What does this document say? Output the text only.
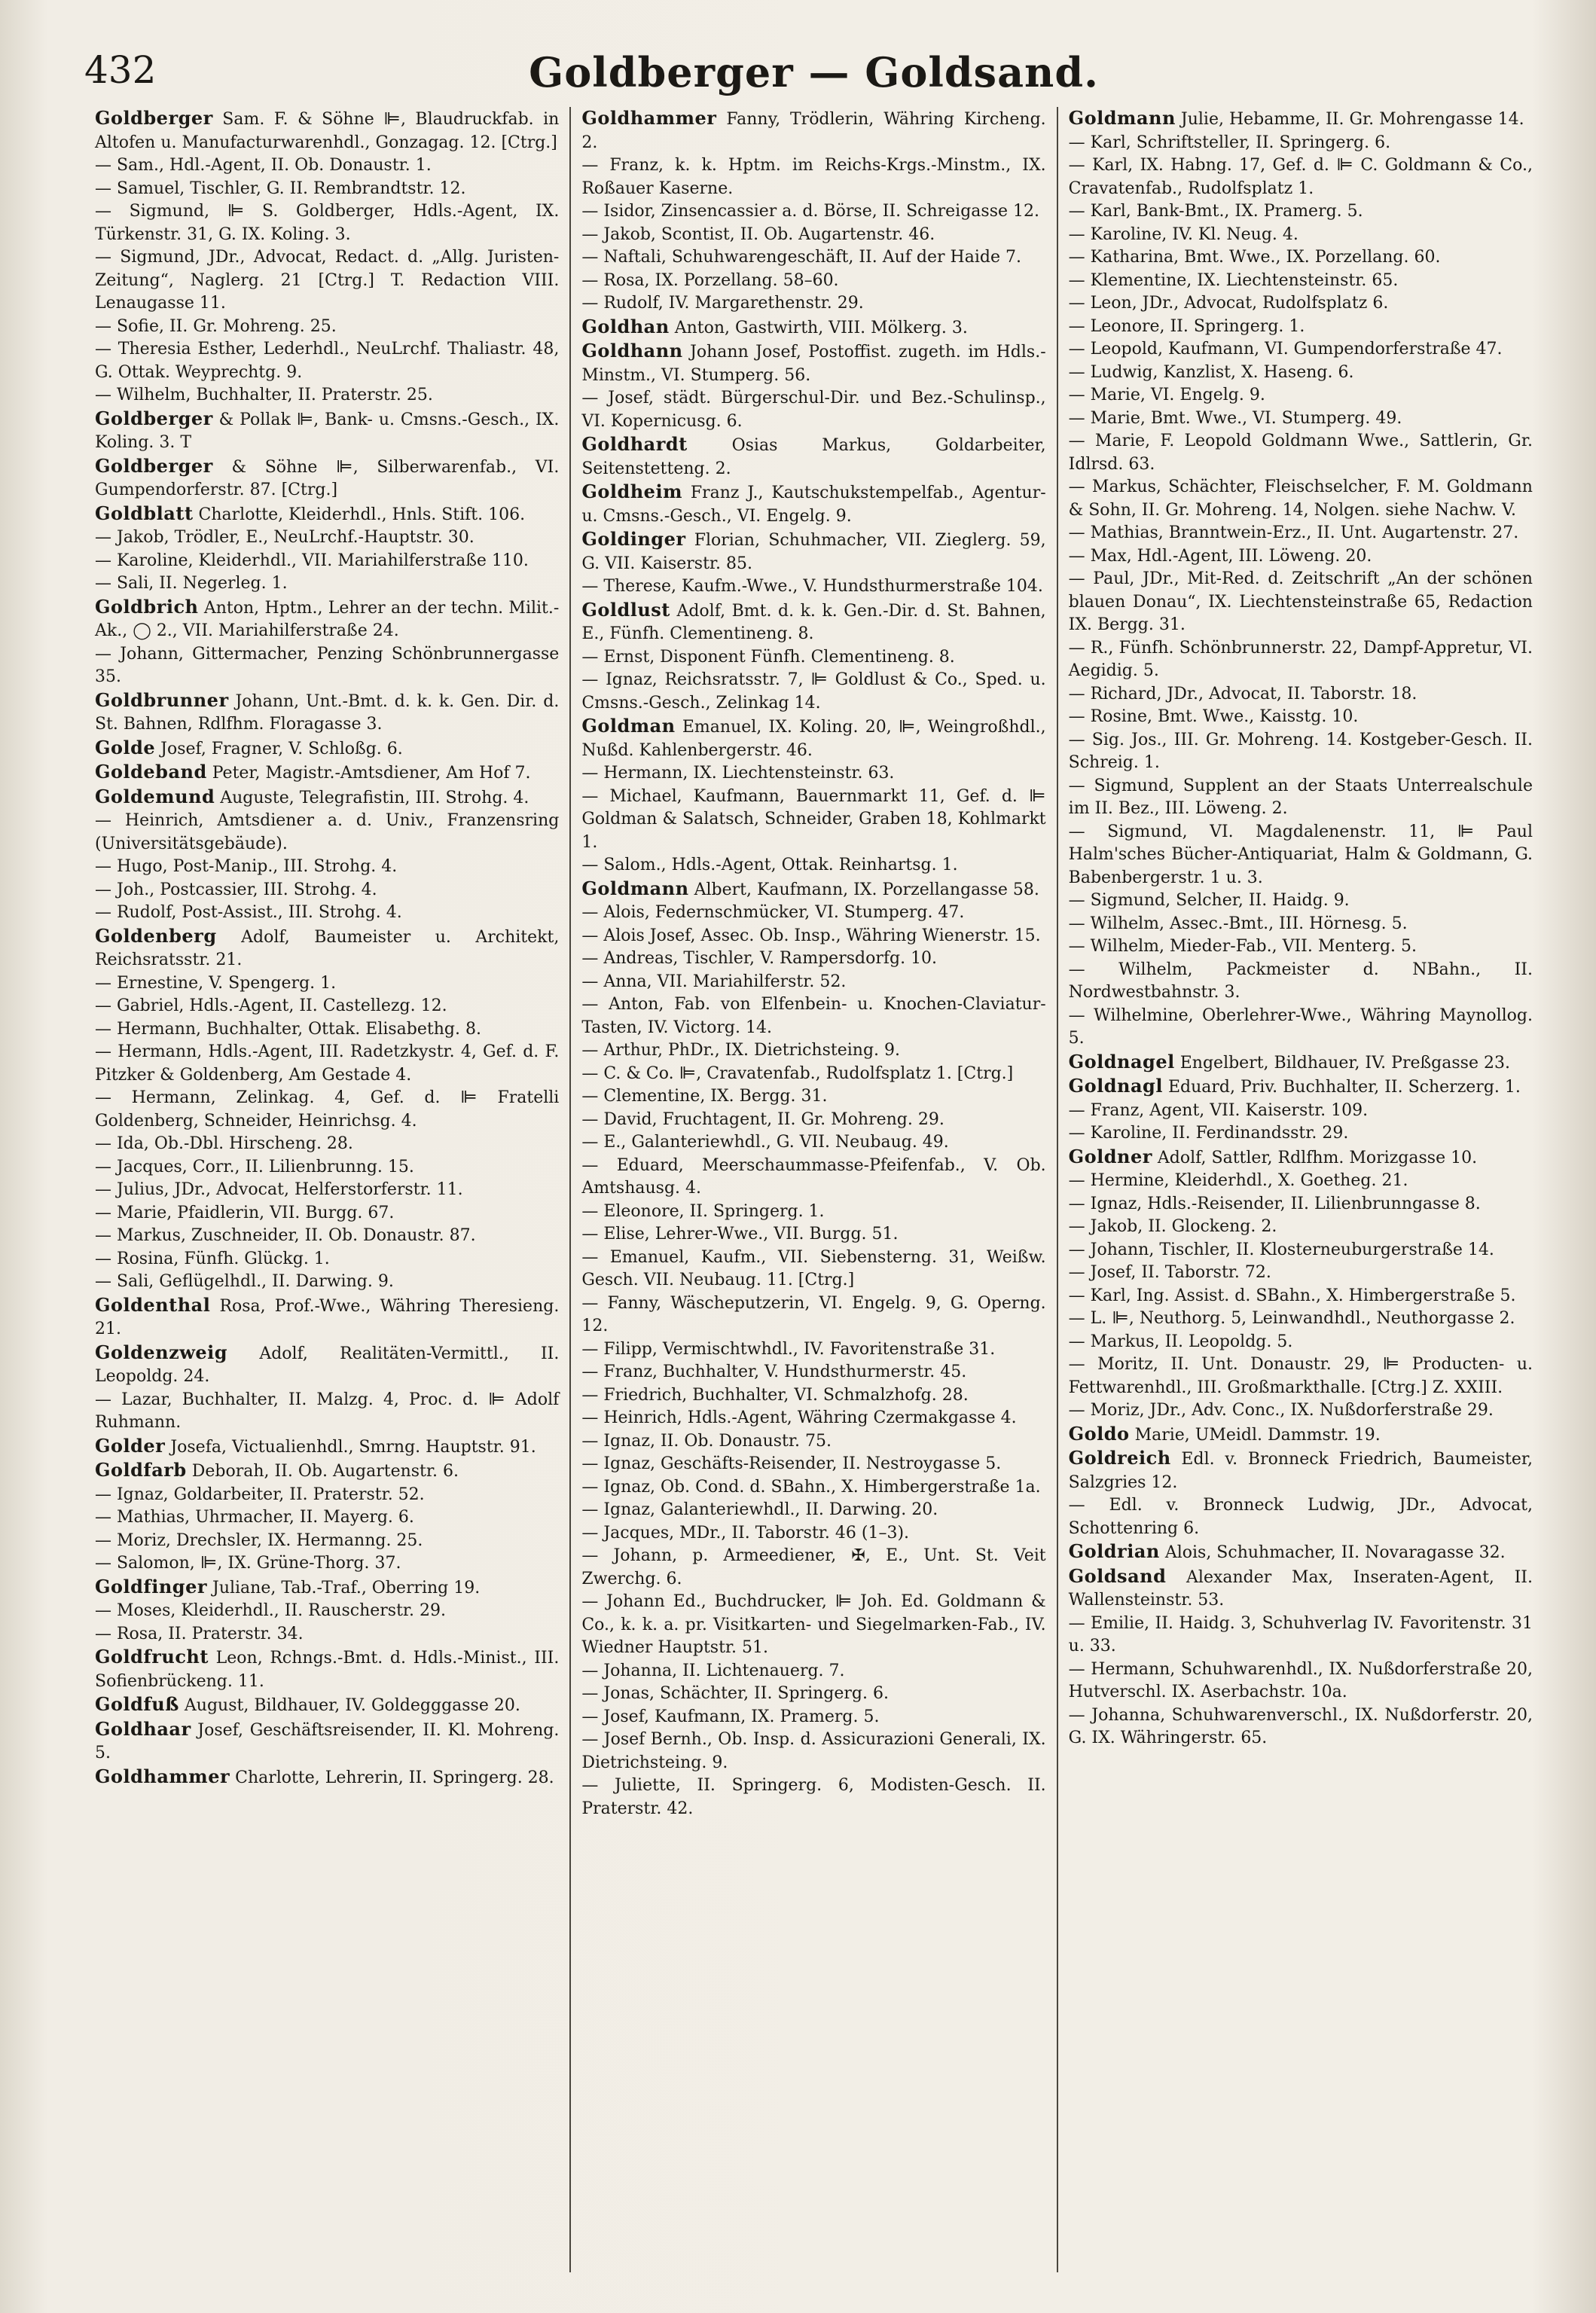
432	Goldberger — Goldsand.

Goldberger Sam. F. & Söhne ⊫, Blaudruckfab. in Altofen u. Manufacturwarenhdl., Gonzagag. 12. [Ctrg.]

— Sam., Hdl.-Agent, II. Ob. Donaustr. 1.

— Samuel, Tischler, G. II. Rembrandtstr. 12.

— Sigmund, ⊫ S. Goldberger, Hdls.-Agent, IX. Türkenstr. 31, G. IX. Koling. 3.

— Sigmund, JDr., Advocat, Redact. d. „Allg. Juristen-Zeitung“, Naglerg. 21 [Ctrg.] T. Redaction VIII. Lenaugasse 11.

— Sofie, II. Gr. Mohreng. 25.

— Theresia Esther, Lederhdl., NeuLrchf. Thaliastr. 48, G. Ottak. Weyprechtg. 9.

— Wilhelm, Buchhalter, II. Praterstr. 25.

Goldberger & Pollak ⊫, Bank- u. Cmsns.-Gesch., IX. Koling. 3. T

Goldberger & Söhne ⊫, Silberwarenfab., VI. Gumpendorferstr. 87. [Ctrg.]

Goldblatt Charlotte, Kleiderhdl., Hnls. Stift. 106.

— Jakob, Trödler, E., NeuLrchf.-Hauptstr. 30.

— Karoline, Kleiderhdl., VII. Mariahilferstraße 110.

— Sali, II. Negerleg. 1.

Goldbrich Anton, Hptm., Lehrer an der techn. Milit.-Ak., ◯ 2., VII. Mariahilferstraße 24.

— Johann, Gittermacher, Penzing Schönbrunnergasse 35.

Goldbrunner Johann, Unt.-Bmt. d. k. k. Gen. Dir. d. St. Bahnen, Rdlfhm. Floragasse 3.

Golde Josef, Fragner, V. Schloßg. 6.

Goldeband Peter, Magistr.-Amtsdiener, Am Hof 7.

Goldemund Auguste, Telegrafistin, III. Strohg. 4.

— Heinrich, Amtsdiener a. d. Univ., Franzensring (Universitätsgebäude).

— Hugo, Post-Manip., III. Strohg. 4.

— Joh., Postcassier, III. Strohg. 4.

— Rudolf, Post-Assist., III. Strohg. 4.

Goldenberg Adolf, Baumeister u. Architekt, Reichsratsstr. 21.

— Ernestine, V. Spengerg. 1.

— Gabriel, Hdls.-Agent, II. Castellezg. 12.

— Hermann, Buchhalter, Ottak. Elisabethg. 8.

— Hermann, Hdls.-Agent, III. Radetzkystr. 4, Gef. d. F. Pitzker & Goldenberg, Am Gestade 4.

— Hermann, Zelinkag. 4, Gef. d. ⊫ Fratelli Goldenberg, Schneider, Heinrichsg. 4.

— Ida, Ob.-Dbl. Hirscheng. 28.

— Jacques, Corr., II. Lilienbrunng. 15.

— Julius, JDr., Advocat, Helferstorferstr. 11.

— Marie, Pfaidlerin, VII. Burgg. 67.

— Markus, Zuschneider, II. Ob. Donaustr. 87.

— Rosina, Fünfh. Glückg. 1.

— Sali, Geflügelhdl., II. Darwing. 9.

Goldenthal Rosa, Prof.-Wwe., Währing Theresieng. 21.

Goldenzweig Adolf, Realitäten-Vermittl., II. Leopoldg. 24.

— Lazar, Buchhalter, II. Malzg. 4, Proc. d. ⊫ Adolf Ruhmann.

Golder Josefa, Victualienhdl., Smrng. Hauptstr. 91.

Goldfarb Deborah, II. Ob. Augartenstr. 6.

— Ignaz, Goldarbeiter, II. Praterstr. 52.

— Mathias, Uhrmacher, II. Mayerg. 6.

— Moriz, Drechsler, IX. Hermanng. 25.

— Salomon, ⊫, IX. Grüne-Thorg. 37.

Goldfinger Juliane, Tab.-Traf., Oberring 19.

— Moses, Kleiderhdl., II. Rauscherstr. 29.

— Rosa, II. Praterstr. 34.

Goldfrucht Leon, Rchngs.-Bmt. d. Hdls.-Minist., III. Sofienbrückeng. 11.

Goldfuß August, Bildhauer, IV. Goldegggasse 20.

Goldhaar Josef, Geschäftsreisender, II. Kl. Mohreng. 5.

Goldhammer Charlotte, Lehrerin, II. Springerg. 28.

Goldhammer Fanny, Trödlerin, Währing Kircheng. 2.

— Franz, k. k. Hptm. im Reichs-Krgs.-Minstm., IX. Roßauer Kaserne.

— Isidor, Zinsencassier a. d. Börse, II. Schreigasse 12.

— Jakob, Scontist, II. Ob. Augartenstr. 46.

— Naftali, Schuhwarengeschäft, II. Auf der Haide 7.

— Rosa, IX. Porzellang. 58–60.

— Rudolf, IV. Margarethenstr. 29.

Goldhan Anton, Gastwirth, VIII. Mölkerg. 3.

Goldhann Johann Josef, Postoffist. zugeth. im Hdls.-Minstm., VI. Stumperg. 56.

— Josef, städt. Bürgerschul-Dir. und Bez.-Schulinsp., VI. Kopernicusg. 6.

Goldhardt	Osias Markus, Goldarbeiter, Seitenstetteng. 2.

Goldheim Franz J., Kautschukstempelfab., Agentur- u. Cmsns.-Gesch., VI. Engelg. 9.

Goldinger Florian, Schuhmacher, VII. Zieglerg. 59, G. VII. Kaiserstr. 85.

— Therese, Kaufm.-Wwe., V. Hundsthurmerstraße 104.

Goldlust Adolf, Bmt. d. k. k. Gen.-Dir. d. St. Bahnen, E., Fünfh. Clementineng. 8.

— Ernst, Disponent Fünfh. Clementineng. 8.

— Ignaz, Reichsratsstr. 7, ⊫ Goldlust & Co., Sped. u. Cmsns.-Gesch., Zelinkag 14.

Goldman Emanuel, IX. Koling. 20, ⊫, Weingroßhdl., Nußd. Kahlenbergerstr. 46.

— Hermann, IX. Liechtensteinstr. 63.

— Michael, Kaufmann, Bauernmarkt 11, Gef. d. ⊫ Goldman & Salatsch, Schneider, Graben 18, Kohlmarkt 1.

— Salom., Hdls.-Agent, Ottak. Reinhartsg. 1.

Goldmann Albert, Kaufmann, IX. Porzellangasse 58.

— Alois, Federnschmücker, VI. Stumperg. 47.

— Alois Josef, Assec. Ob. Insp., Währing Wienerstr. 15.

— Andreas, Tischler, V. Rampersdorfg. 10.

— Anna, VII. Mariahilferstr. 52.

— Anton, Fab. von Elfenbein- u. Knochen-Claviatur-Tasten, IV. Victorg. 14.

— Arthur, PhDr., IX. Dietrichsteing. 9.

— C. & Co. ⊫, Cravatenfab., Rudolfsplatz 1. [Ctrg.]

— Clementine, IX. Bergg. 31.

— David, Fruchtagent, II. Gr. Mohreng. 29.

— E., Galanteriewhdl., G. VII. Neubaug. 49.

— Eduard, Meerschaummasse-Pfeifenfab., V. Ob. Amtshausg. 4.

— Eleonore, II. Springerg. 1.

— Elise, Lehrer-Wwe., VII. Burgg. 51.

— Emanuel, Kaufm., VII. Siebensterng. 31, Weißw. Gesch. VII. Neubaug. 11. [Ctrg.]

— Fanny, Wäscheputzerin, VI. Engelg. 9, G. Operng. 12.

— Filipp, Vermischtwhdl., IV. Favoritenstraße 31.

— Franz, Buchhalter, V. Hundsthurmerstr. 45.

— Friedrich, Buchhalter, VI. Schmalzhofg. 28.

— Heinrich, Hdls.-Agent, Währing Czermakgasse 4.

— Ignaz, II. Ob. Donaustr. 75.

— Ignaz, Geschäfts-Reisender, II. Nestroygasse 5.

— Ignaz, Ob. Cond. d. SBahn., X. Himbergerstraße 1a.

— Ignaz, Galanteriewhdl., II. Darwing. 20.

— Jacques, MDr., II. Taborstr. 46 (1–3).

— Johann, p. Armeediener, ✠, E., Unt. St. Veit Zwerchg. 6.

— Johann Ed., Buchdrucker, ⊫ Joh. Ed. Goldmann & Co., k. k. a. pr. Visitkarten- und Siegelmarken-Fab., IV. Wiedner Hauptstr. 51.

— Johanna, II. Lichtenauerg. 7.

— Jonas, Schächter, II. Springerg. 6.

— Josef, Kaufmann, IX. Pramerg. 5.

— Josef Bernh., Ob. Insp. d. Assicurazioni Generali, IX. Dietrichsteing. 9.

— Juliette, II. Springerg. 6, Modisten-Gesch. II. Praterstr. 42.

Goldmann Julie, Hebamme, II. Gr. Mohrengasse 14.

— Karl, Schriftsteller, II. Springerg. 6.

— Karl, IX. Habng. 17, Gef. d. ⊫ C. Goldmann & Co., Cravatenfab., Rudolfsplatz 1.

— Karl, Bank-Bmt., IX. Pramerg. 5.

— Karoline, IV. Kl. Neug. 4.

— Katharina, Bmt. Wwe., IX. Porzellang. 60.

— Klementine, IX. Liechtensteinstr. 65.

— Leon, JDr., Advocat, Rudolfsplatz 6.

— Leonore, II. Springerg. 1.

— Leopold, Kaufmann, VI. Gumpendorferstraße 47.

— Ludwig, Kanzlist, X. Haseng. 6.

— Marie, VI. Engelg. 9.

— Marie, Bmt. Wwe., VI. Stumperg. 49.

— Marie, F. Leopold Goldmann Wwe., Sattlerin, Gr. Idlrsd. 63.

— Markus, Schächter, Fleischselcher, F. M. Goldmann & Sohn, II. Gr. Mohreng. 14, Nolgen. siehe Nachw. V.

— Mathias, Branntwein-Erz., II. Unt. Augartenstr. 27.

— Max, Hdl.-Agent, III. Löweng. 20.

— Paul, JDr., Mit-Red. d. Zeitschrift „An der schönen blauen Donau“, IX. Liechtensteinstraße 65, Redaction IX. Bergg. 31.

— R., Fünfh. Schönbrunnerstr. 22, Dampf-Appretur, VI. Aegidig. 5.

— Richard, JDr., Advocat, II. Taborstr. 18.

— Rosine, Bmt. Wwe., Kaisstg. 10.

— Sig. Jos., III. Gr. Mohreng. 14. Kostgeber-Gesch. II. Schreig. 1.

— Sigmund, Supplent an der Staats Unterrealschule im II. Bez., III. Löweng. 2.

— Sigmund, VI. Magdalenenstr. 11, ⊫ Paul Halm'sches Bücher-Antiquariat, Halm & Goldmann, G. Babenbergerstr. 1 u. 3.

— Sigmund, Selcher, II. Haidg. 9.

— Wilhelm, Assec.-Bmt., III. Hörnesg. 5.

— Wilhelm, Mieder-Fab., VII. Menterg. 5.

— Wilhelm, Packmeister d. NBahn., II. Nordwestbahnstr. 3.

— Wilhelmine, Oberlehrer-Wwe., Währing Maynollog. 5.

Goldnagel Engelbert, Bildhauer, IV. Preßgasse 23.

Goldnagl Eduard, Priv. Buchhalter, II. Scherzerg. 1.

— Franz, Agent, VII. Kaiserstr. 109.

— Karoline, II. Ferdinandsstr. 29.

Goldner Adolf, Sattler, Rdlfhm. Morizgasse 10.

— Hermine, Kleiderhdl., X. Goetheg. 21.

— Ignaz, Hdls.-Reisender, II. Lilienbrunngasse 8.

— Jakob, II. Glockeng. 2.

— Johann, Tischler, II. Klosterneuburgerstraße 14.

— Josef, II. Taborstr. 72.

— Karl, Ing. Assist. d. SBahn., X. Himbergerstraße 5.

— L. ⊫, Neuthorg. 5, Leinwandhdl., Neuthorgasse 2.

— Markus, II. Leopoldg. 5.

— Moritz, II. Unt. Donaustr. 29, ⊫ Producten- u. Fettwarenhdl., III. Großmarkthalle. [Ctrg.] Z. XXIII.

— Moriz, JDr., Adv. Conc., IX. Nußdorferstraße 29.

Goldo Marie, UMeidl. Dammstr. 19.

Goldreich Edl. v. Bronneck Friedrich, Baumeister, Salzgries 12.

— Edl. v. Bronneck Ludwig, JDr., Advocat, Schottenring 6.

Goldrian Alois, Schuhmacher, II. Novaragasse 32.

Goldsand Alexander Max, Inseraten-Agent, II. Wallensteinstr. 53.

— Emilie, II. Haidg. 3, Schuhverlag IV. Favoritenstr. 31 u. 33.

— Hermann, Schuhwarenhdl., IX. Nußdorferstraße 20, Hutverschl. IX. Aserbachstr. 10a.

— Johanna, Schuhwarenverschl., IX. Nußdorferstr. 20, G. IX. Währingerstr. 65.
